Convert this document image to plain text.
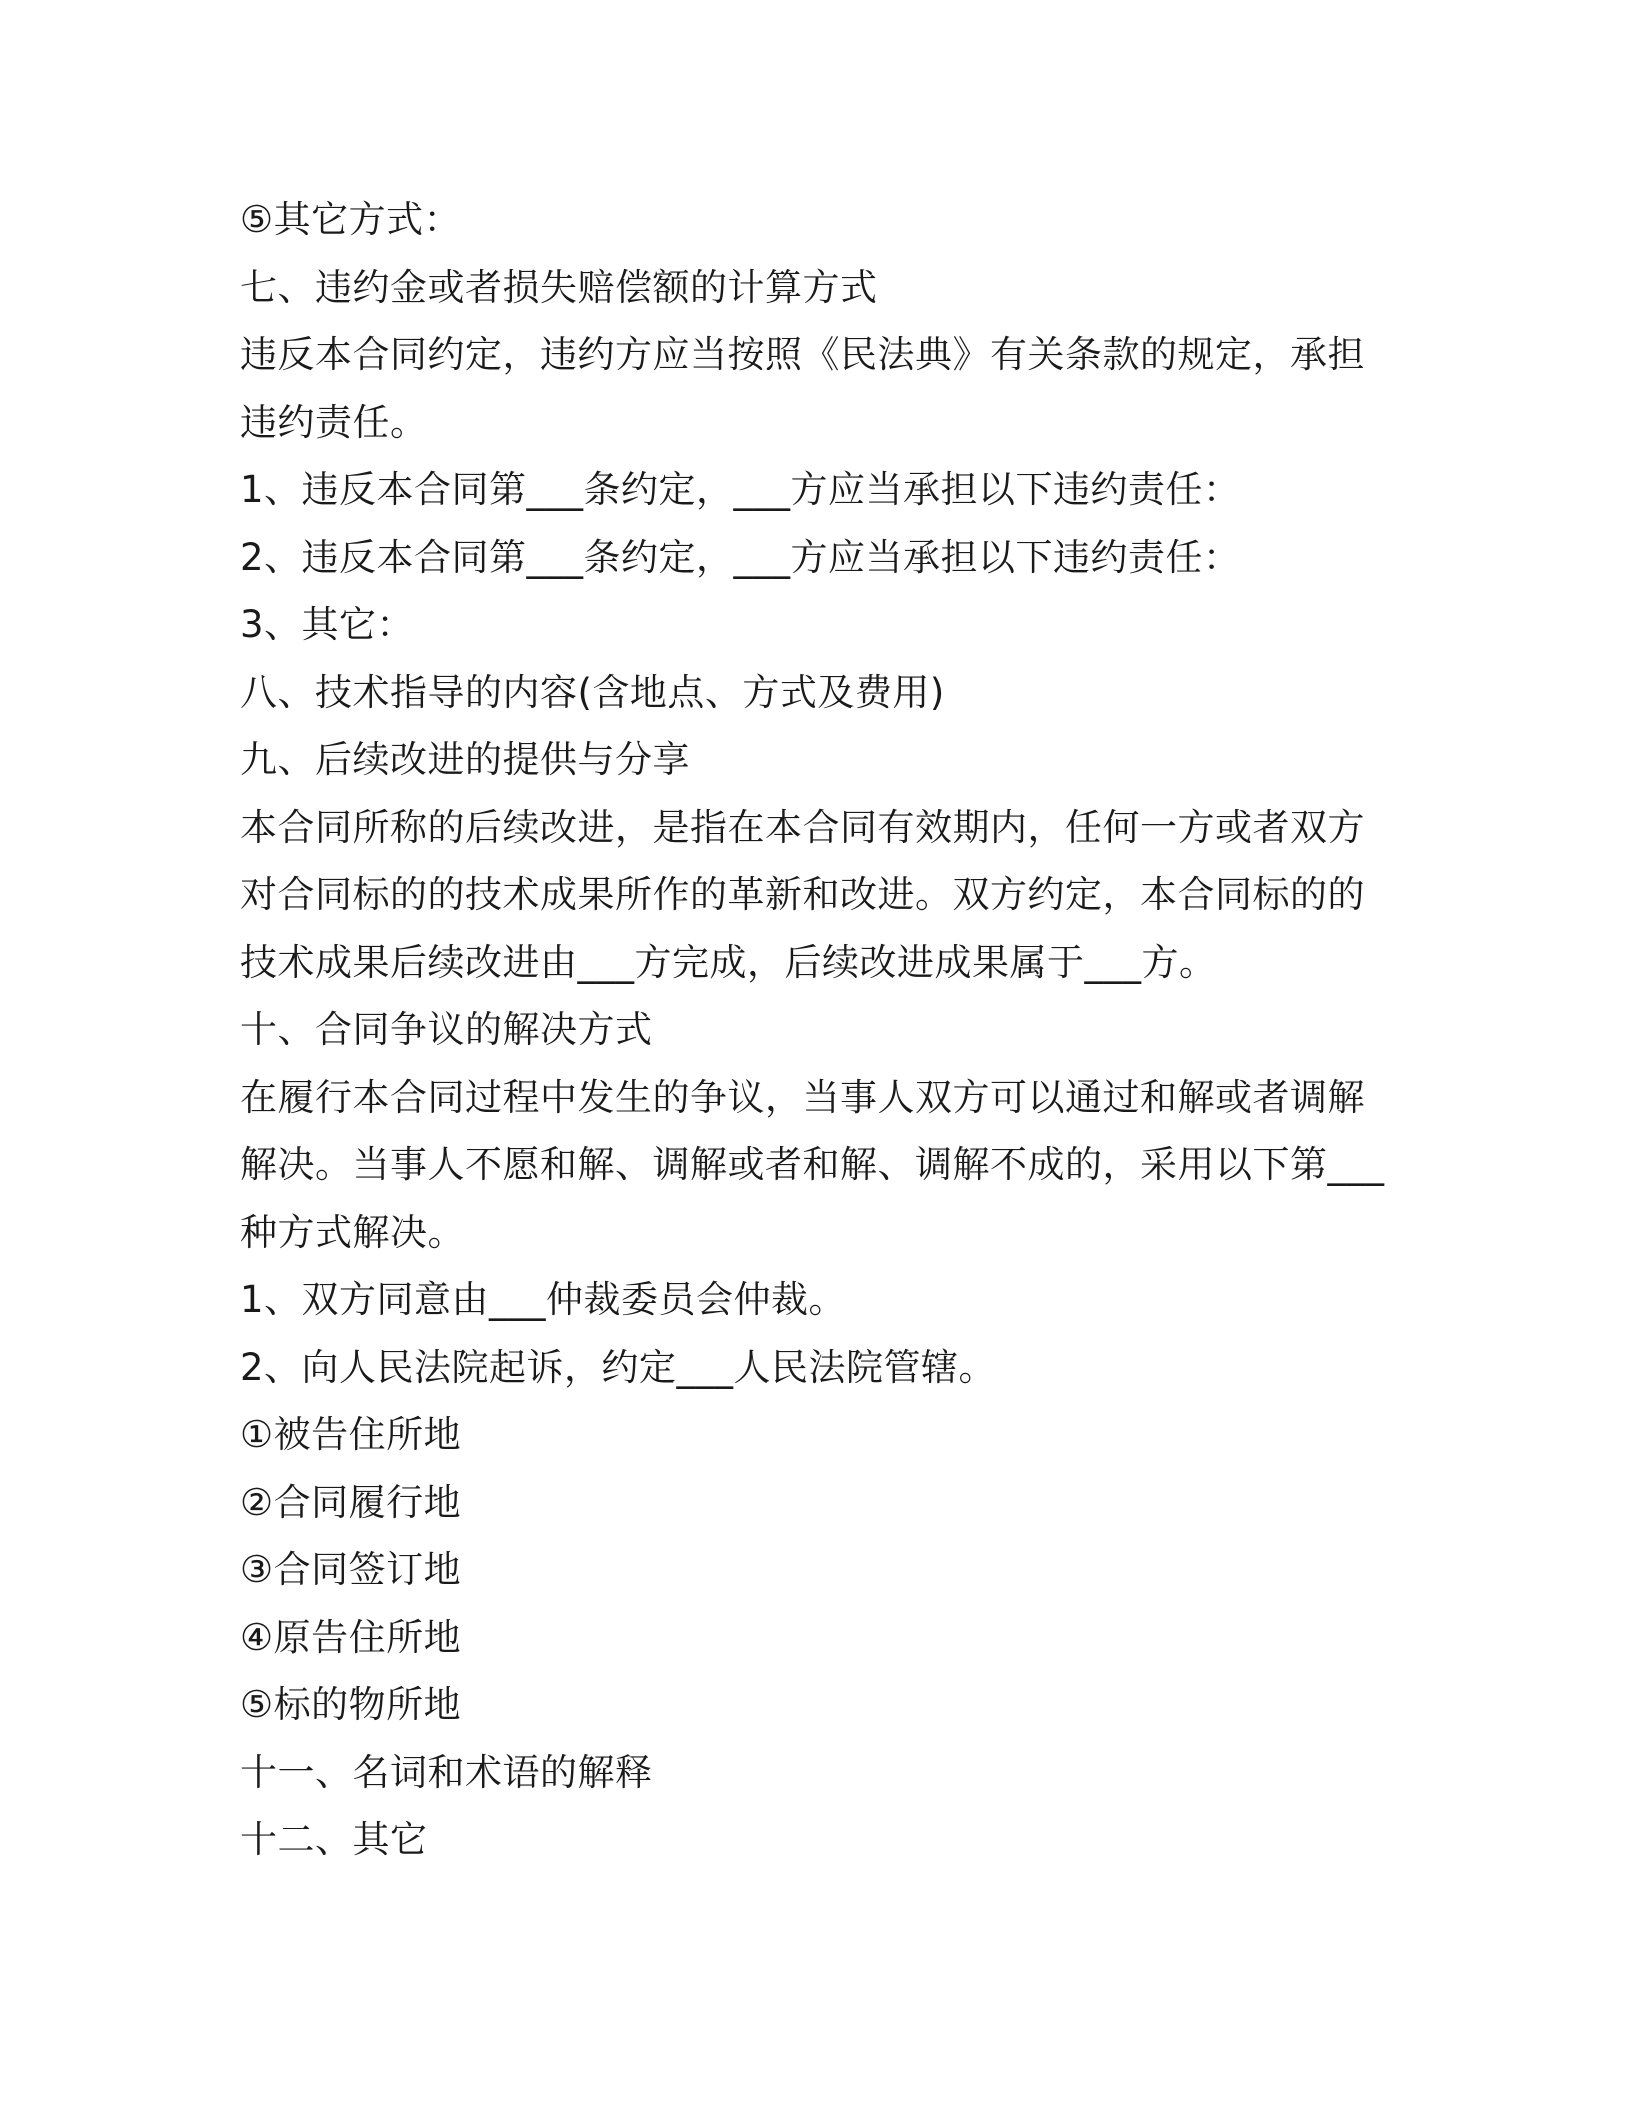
⑤其它方式：
七、违约金或者损失赔偿额的计算方式
违反本合同约定，违约方应当按照《民法典》有关条款的规定，承担
违约责任。
1、违反本合同第___条约定，___方应当承担以下违约责任：
2、违反本合同第___条约定，___方应当承担以下违约责任：
3、其它：
八、技术指导的内容(含地点、方式及费用)
九、后续改进的提供与分享
本合同所称的后续改进，是指在本合同有效期内，任何一方或者双方
对合同标的的技术成果所作的革新和改进。双方约定，本合同标的的
技术成果后续改进由___方完成，后续改进成果属于___方。
十、合同争议的解决方式
在履行本合同过程中发生的争议，当事人双方可以通过和解或者调解
解决。当事人不愿和解、调解或者和解、调解不成的，采用以下第___
种方式解决。
1、双方同意由___仲裁委员会仲裁。
2、向人民法院起诉，约定___人民法院管辖。
①被告住所地
②合同履行地
③合同签订地
④原告住所地
⑤标的物所地
十一、名词和术语的解释
十二、其它
